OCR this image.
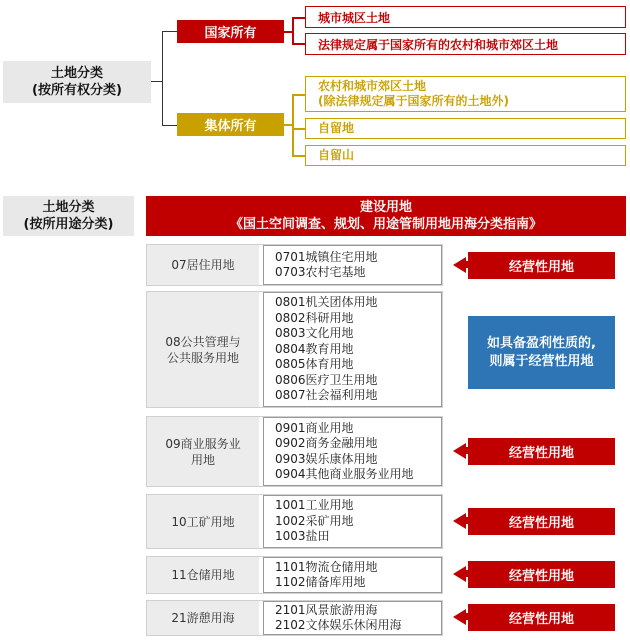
土地分类
(按所有权分类)
国家所有
城市城区土地
法律规定属于国家所有的农村和城市郊区土地
集体所有
农村和城市郊区土地
(除法律规定属于国家所有的土地外)
自留地
自留山
土地分类
(按所用途分类)
建设用地
《国土空间调查、规划、用途管制用地用海分类指南》
07居住用地
0701城镇住宅用地
0703农村宅基地
08公共管理与
公共服务用地
0801机关团体用地
0802科研用地
0803文化用地
0804教育用地
0805体育用地
0806医疗卫生用地
0807社会福利用地
09商业服务业
用地
0901商业用地
0902商务金融用地
0903娱乐康体用地
0904其他商业服务业用地
10工矿用地
1001工业用地
1002采矿用地
1003盐田
11仓储用地
1101物流仓储用地
1102储备库用地
21游憩用海
2101风景旅游用海
2102文体娱乐休闲用海
经营性用地
如具备盈利性质的,
则属于经营性用地
经营性用地
经营性用地
经营性用地
经营性用地
